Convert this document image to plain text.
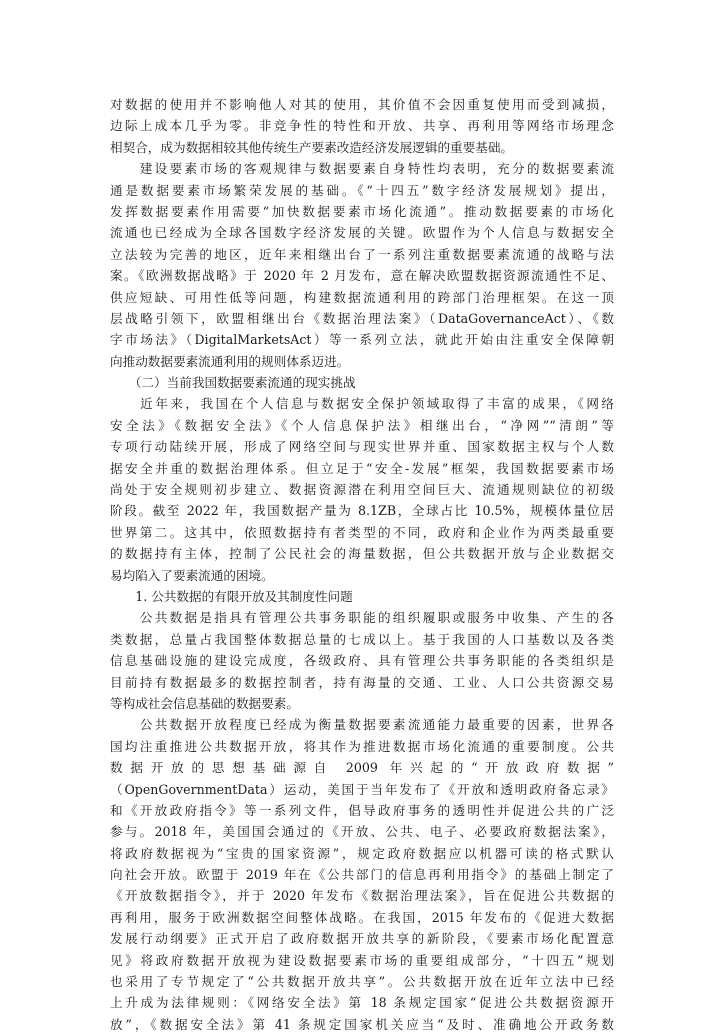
对数据的使用并不影响他人对其的使用，其价值不会因重复使用而受到减损，
边际上成本几乎为零。非竞争性的特性和开放、共享、再利用等网络市场理念
相契合，成为数据相较其他传统生产要素改造经济发展逻辑的重要基础。
　　建设要素市场的客观规律与数据要素自身特性均表明，充分的数据要素流
通是数据要素市场繁荣发展的基础。《“十四五”数字经济发展规划》提出，
发挥数据要素作用需要“加快数据要素市场化流通”。推动数据要素的市场化
流通也已经成为全球各国数字经济发展的关键。欧盟作为个人信息与数据安全
立法较为完善的地区，近年来相继出台了一系列注重数据要素流通的战略与法
案。《欧洲数据战略》于 2020 年 2 月发布，意在解决欧盟数据资源流通性不足、
供应短缺、可用性低等问题，构建数据流通利用的跨部门治理框架。在这一顶
层战略引领下，欧盟相继出台《数据治理法案》（DataGovernanceAct）、《数
字市场法》（DigitalMarketsAct）等一系列立法，就此开始由注重安全保障朝
向推动数据要素流通利用的规则体系迈进。
　　（二）当前我国数据要素流通的现实挑战
　　近年来，我国在个人信息与数据安全保护领域取得了丰富的成果，《网络
安全法》《数据安全法》《个人信息保护法》相继出台，“净网”“清朗”等
专项行动陆续开展，形成了网络空间与现实世界并重、国家数据主权与个人数
据安全并重的数据治理体系。但立足于“安全-发展”框架，我国数据要素市场
尚处于安全规则初步建立、数据资源潜在利用空间巨大、流通规则缺位的初级
阶段。截至 2022 年，我国数据产量为 8.1ZB，全球占比 10.5%，规模体量位居
世界第二。这其中，依照数据持有者类型的不同，政府和企业作为两类最重要
的数据持有主体，控制了公民社会的海量数据，但公共数据开放与企业数据交
易均陷入了要素流通的困境。
　　1. 公共数据的有限开放及其制度性问题
　　公共数据是指具有管理公共事务职能的组织履职或服务中收集、产生的各
类数据，总量占我国整体数据总量的七成以上。基于我国的人口基数以及各类
信息基础设施的建设完成度，各级政府、具有管理公共事务职能的各类组织是
目前持有数据最多的数据控制者，持有海量的交通、工业、人口公共资源交易
等构成社会信息基础的数据要素。
　　公共数据开放程度已经成为衡量数据要素流通能力最重要的因素，世界各
国均注重推进公共数据开放，将其作为推进数据市场化流通的重要制度。公共
数据开放的思想基础源自 2009 年兴起的“开放政府数据”
（OpenGovernmentData）运动，美国于当年发布了《开放和透明政府备忘录》
和《开放政府指令》等一系列文件，倡导政府事务的透明性并促进公共的广泛
参与。2018 年，美国国会通过的《开放、公共、电子、必要政府数据法案》，
将政府数据视为“宝贵的国家资源”，规定政府数据应以机器可读的格式默认
向社会开放。欧盟于 2019 年在《公共部门的信息再利用指令》的基础上制定了
《开放数据指令》，并于 2020 年发布《数据治理法案》，旨在促进公共数据的
再利用，服务于欧洲数据空间整体战略。在我国，2015 年发布的《促进大数据
发展行动纲要》正式开启了政府数据开放共享的新阶段，《要素市场化配置意
见》将政府数据开放视为建设数据要素市场的重要组成部分，“十四五”规划
也采用了专节规定了“公共数据开放共享”。公共数据开放在近年立法中已经
上升成为法律规则：《网络安全法》第 18 条规定国家“促进公共数据资源开
放”，《数据安全法》第 41 条规定国家机关应当“及时、准确地公开政务数
